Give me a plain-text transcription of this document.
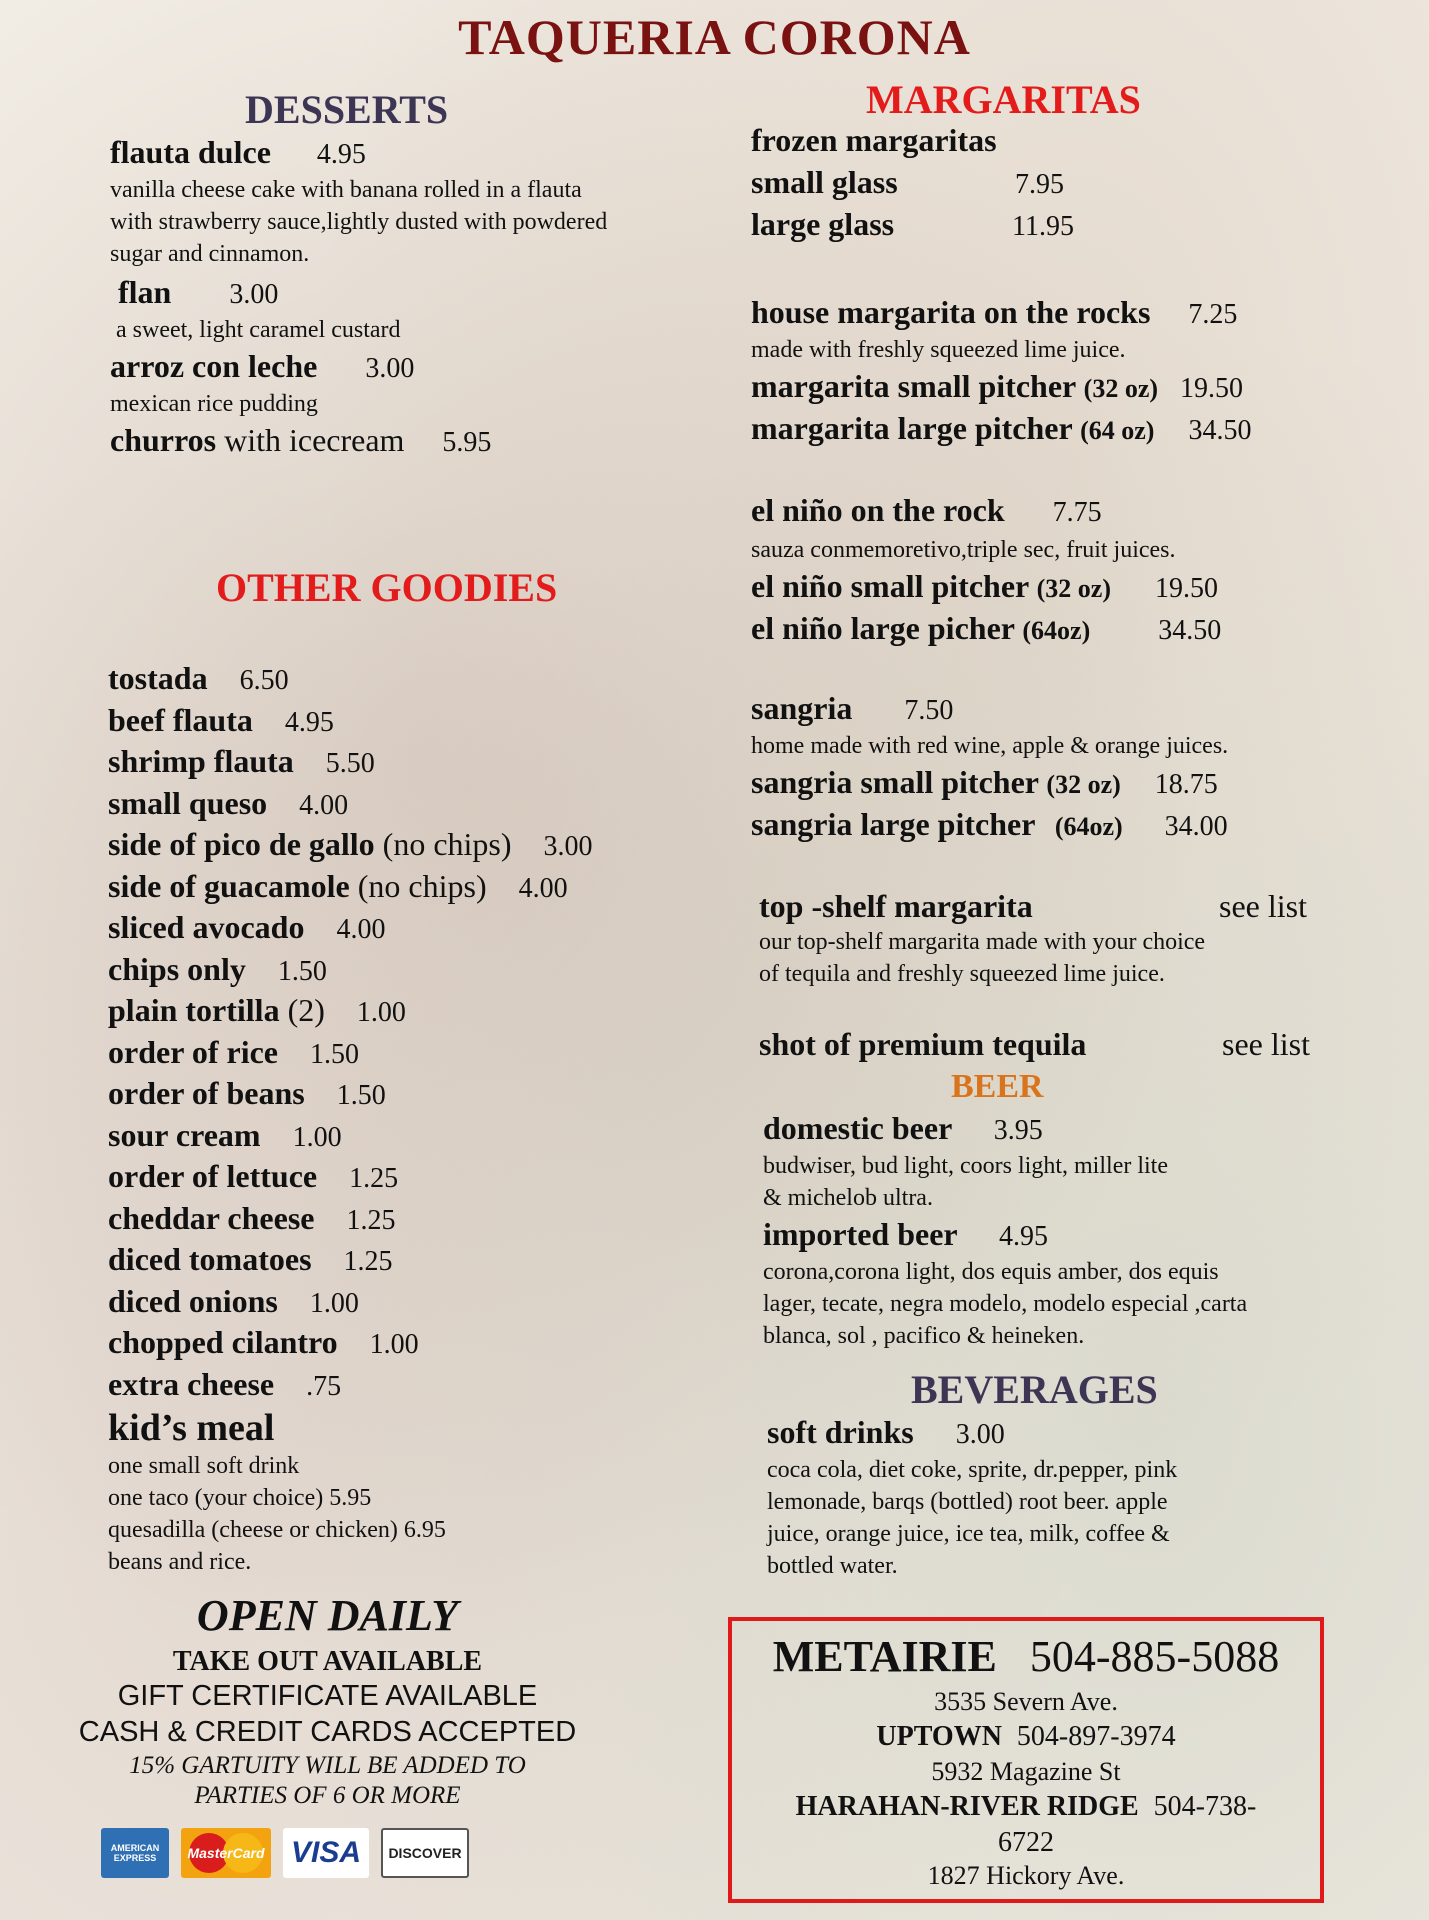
TAQUERIA CORONA
DESSERTS
flauta dulce 4.95
vanilla cheese cake with banana rolled in a flauta with strawberry sauce,lightly dusted with powdered sugar and cinnamon.
flan 3.00
a sweet, light caramel custard
arroz con leche 3.00
mexican rice pudding
churros with icecream 5.95
OTHER GOODIES
tostada 6.50
beef flauta 4.95
shrimp flauta 5.50
small queso 4.00
side of pico de gallo (no chips) 3.00
side of guacamole (no chips) 4.00
sliced avocado 4.00
chips only 1.50
plain tortilla (2) 1.00
order of rice 1.50
order of beans 1.50
sour cream 1.00
order of lettuce 1.25
cheddar cheese 1.25
diced tomatoes 1.25
diced onions 1.00
chopped cilantro 1.00
extra cheese .75
kid’s meal
one small soft drink
one taco (your choice) 5.95
quesadilla (cheese or chicken) 6.95
beans and rice.
OPEN DAILY
TAKE OUT AVAILABLE
GIFT CERTIFICATE AVAILABLE
CASH & CREDIT CARDS ACCEPTED
15% GARTUITY WILL BE ADDED TO
PARTIES OF 6 OR MORE
AMERICAN EXPRESS	MasterCard VISA	DISCOVER
MARGARITAS
frozen margaritas
small glass	7.95
large glass	11.95
house margarita on the rocks 7.25
made with freshly squeezed lime juice.
margarita small pitcher (32 oz) 19.50
margarita large pitcher (64 oz) 34.50
el niño on the rock 7.75
sauza conmemoretivo,triple sec, fruit juices.
el niño small pitcher (32 oz) 19.50
el niño large picher (64oz) 34.50
sangria 7.50
home made with red wine, apple & orange juices.
sangria small pitcher (32 oz) 18.75
sangria large pitcher (64oz) 34.00
top -shelf margarita	see list
our top-shelf margarita made with your choice
of tequila and freshly squeezed lime juice.
shot of premium tequila	see list
BEER
domestic beer 3.95
budwiser, bud light, coors light, miller lite
& michelob ultra.
imported beer 4.95
corona,corona light, dos equis amber, dos equis
lager, tecate, negra modelo, modelo especial ,carta
blanca, sol , pacifico & heineken.
BEVERAGES
soft drinks 3.00
coca cola, diet coke, sprite, dr.pepper, pink
lemonade, barqs (bottled) root beer. apple
juice, orange juice, ice tea, milk, coffee &
bottled water.
METAIRIE 504-885-5088
3535 Severn Ave.
UPTOWN 504-897-3974
5932 Magazine St
HARAHAN-RIVER RIDGE 504-738-
6722
1827 Hickory Ave.
